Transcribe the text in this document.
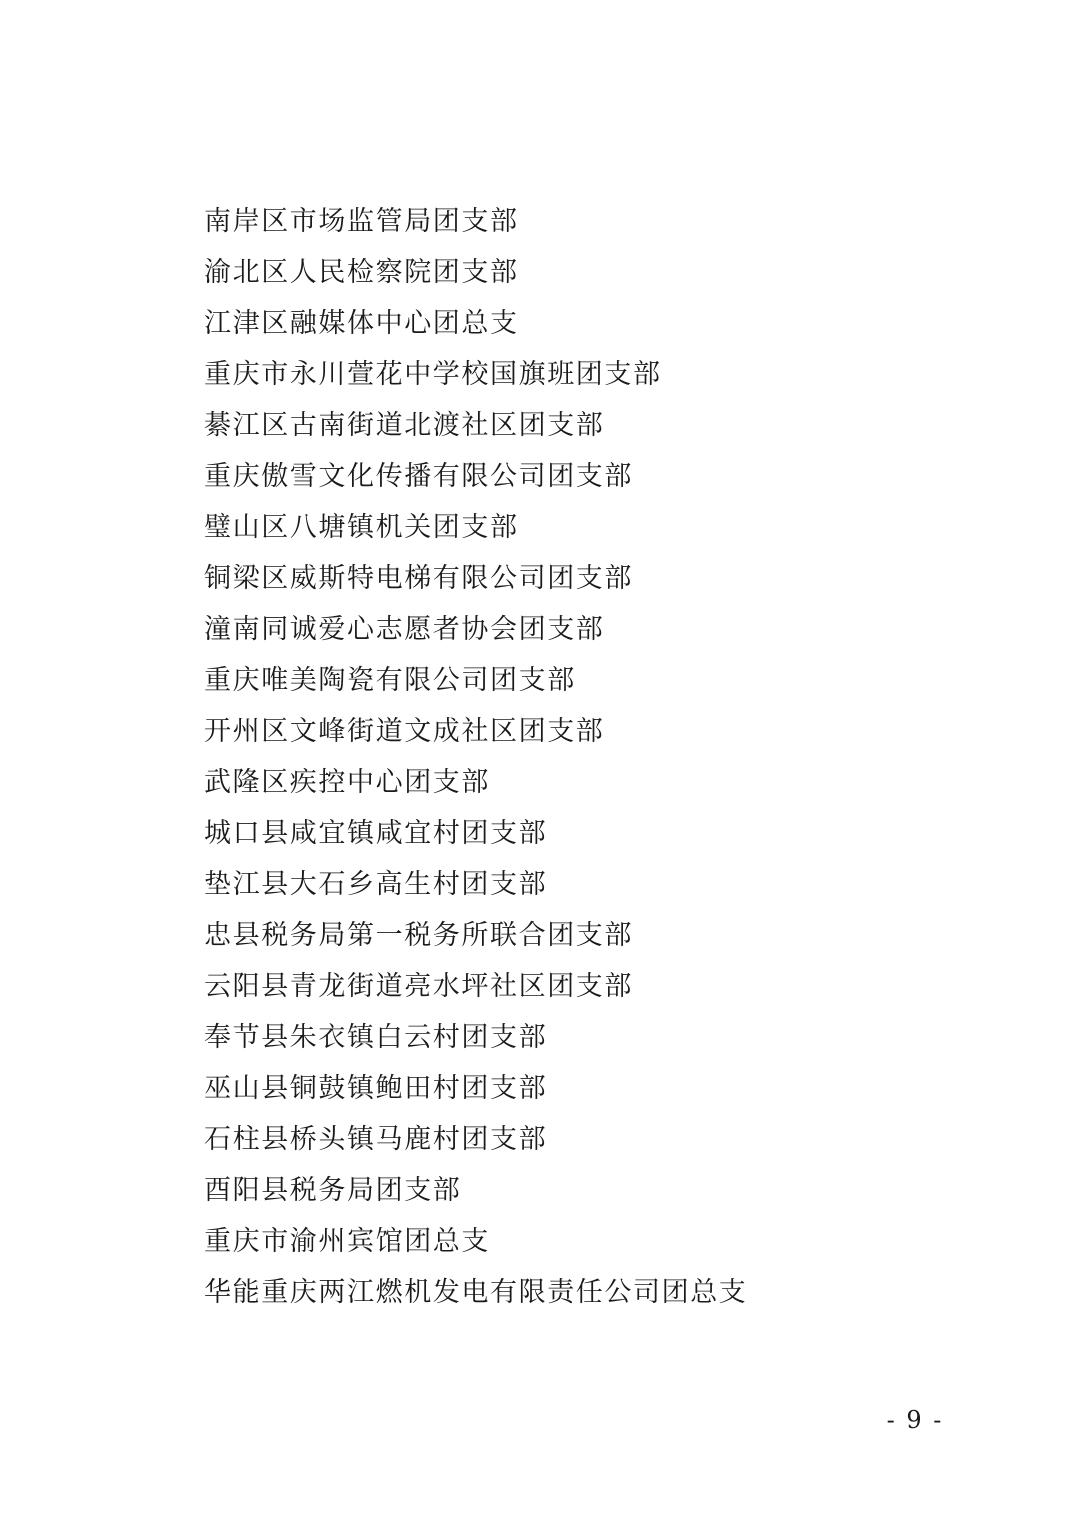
南岸区市场监管局团支部
渝北区人民检察院团支部
江津区融媒体中心团总支
重庆市永川萱花中学校国旗班团支部
綦江区古南街道北渡社区团支部
重庆傲雪文化传播有限公司团支部
璧山区八塘镇机关团支部
铜梁区威斯特电梯有限公司团支部
潼南同诚爱心志愿者协会团支部
重庆唯美陶瓷有限公司团支部
开州区文峰街道文成社区团支部
武隆区疾控中心团支部
城口县咸宜镇咸宜村团支部
垫江县大石乡高生村团支部
忠县税务局第一税务所联合团支部
云阳县青龙街道亮水坪社区团支部
奉节县朱衣镇白云村团支部
巫山县铜鼓镇鲍田村团支部
石柱县桥头镇马鹿村团支部
酉阳县税务局团支部
重庆市渝州宾馆团总支
华能重庆两江燃机发电有限责任公司团总支
- 9 -
